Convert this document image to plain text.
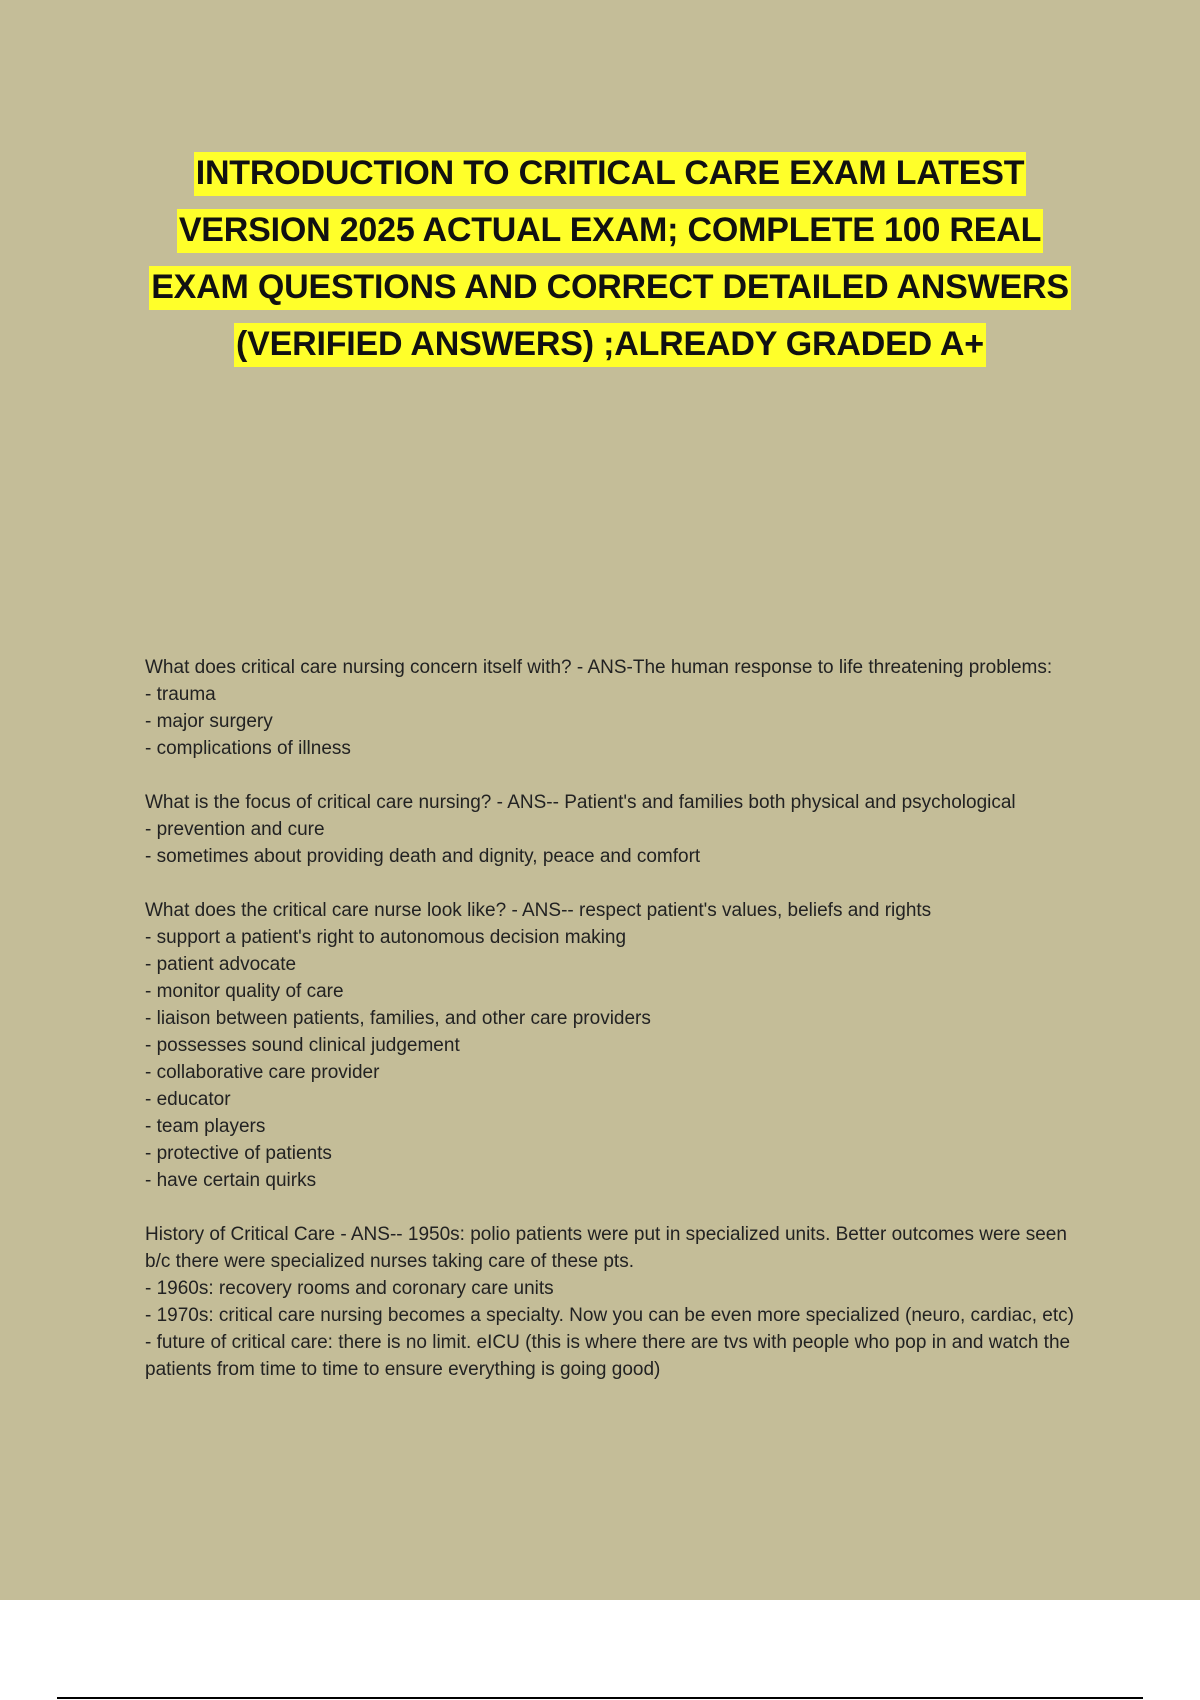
INTRODUCTION TO CRITICAL CARE EXAM LATEST
VERSION 2025 ACTUAL EXAM; COMPLETE 100 REAL
EXAM QUESTIONS AND CORRECT DETAILED ANSWERS
(VERIFIED ANSWERS) ;ALREADY GRADED A+

What does critical care nursing concern itself with? - ANS-The human response to life threatening problems:

- trauma
- major surgery
- complications of illness

What is the focus of critical care nursing? - ANS-- Patient's and families both physical and psychological

- prevention and cure
- sometimes about providing death and dignity, peace and comfort

What does the critical care nurse look like? - ANS-- respect patient's values, beliefs and rights

- support a patient's right to autonomous decision making
- patient advocate
- monitor quality of care
- liaison between patients, families, and other care providers
- possesses sound clinical judgement
- collaborative care provider
- educator
- team players
- protective of patients
- have certain quirks

History of Critical Care - ANS-- 1950s: polio patients were put in specialized units. Better outcomes were seen b/c there were specialized nurses taking care of these pts.

- 1960s: recovery rooms and coronary care units
- 1970s: critical care nursing becomes a specialty. Now you can be even more specialized (neuro, cardiac, etc)
- future of critical care: there is no limit. eICU (this is where there are tvs with people who pop in and watch the patients from time to time to ensure everything is going good)
